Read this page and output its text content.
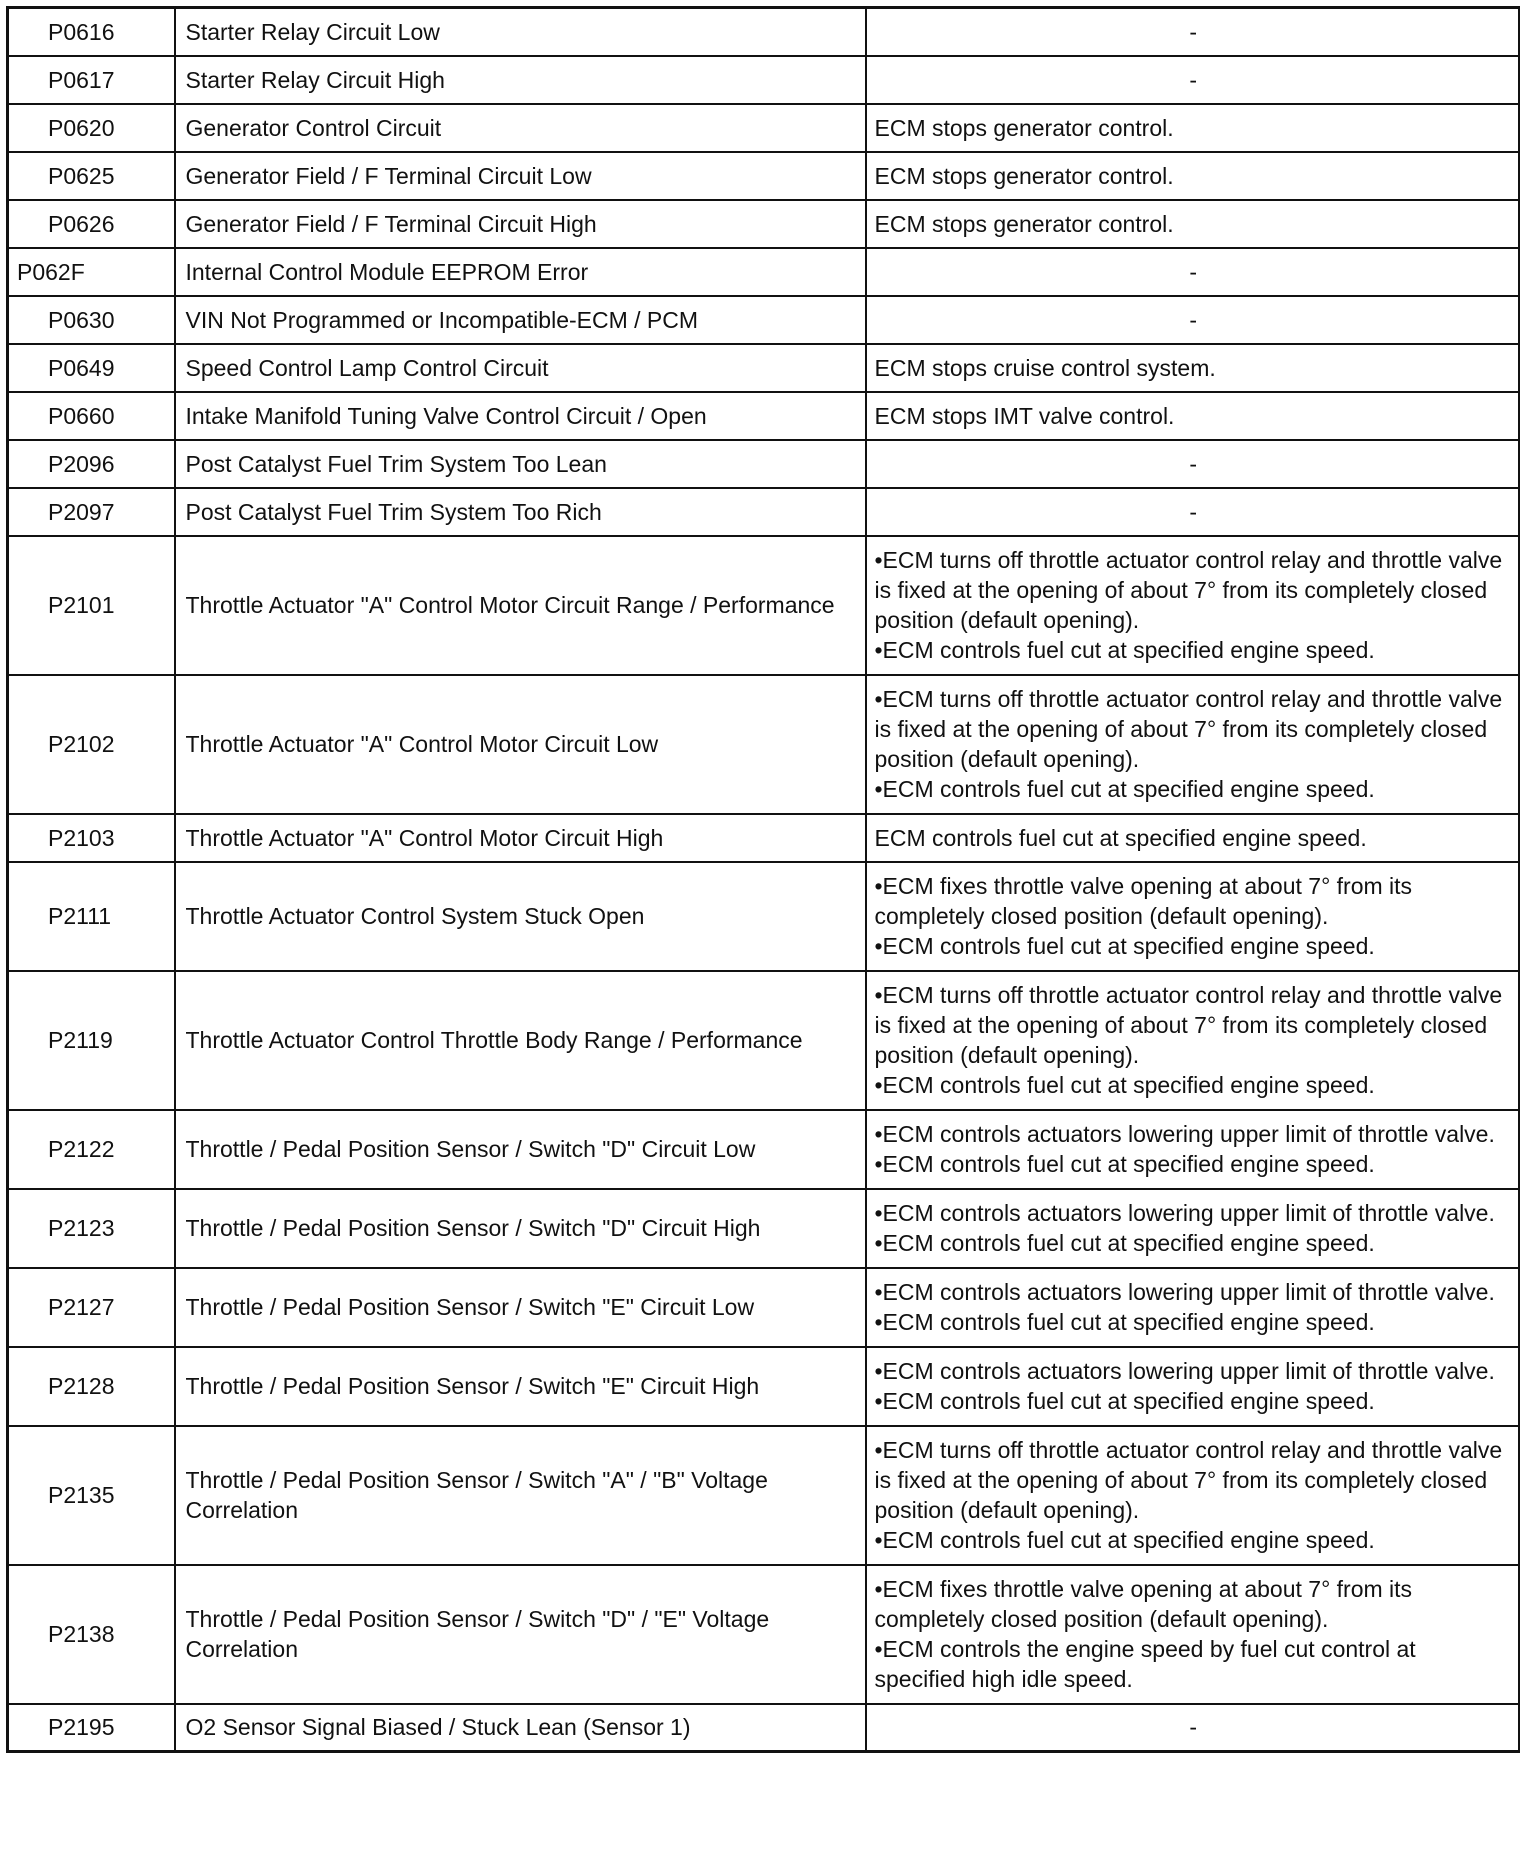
P0616	Starter Relay Circuit Low	-

P0617	Starter Relay Circuit High	-

P0620	Generator Control Circuit	ECM stops generator control.

P0625	Generator Field / F Terminal Circuit Low	ECM stops generator control.

P0626	Generator Field / F Terminal Circuit High	ECM stops generator control.

P062F	Internal Control Module EEPROM Error	-

P0630	VIN Not Programmed or Incompatible-ECM / PCM	-

P0649	Speed Control Lamp Control Circuit	ECM stops cruise control system.

P0660	Intake Manifold Tuning Valve Control Circuit / Open	ECM stops IMT valve control.

P2096	Post Catalyst Fuel Trim System Too Lean	-

P2097	Post Catalyst Fuel Trim System Too Rich	-

P2101	Throttle Actuator "A" Control Motor Circuit Range / Performance	•ECM turns off throttle actuator control relay and throttle valve is fixed at the opening of about 7° from its completely closed position (default opening).
•ECM controls fuel cut at specified engine speed.

P2102	Throttle Actuator "A" Control Motor Circuit Low	•ECM turns off throttle actuator control relay and throttle valve is fixed at the opening of about 7° from its completely closed position (default opening).
•ECM controls fuel cut at specified engine speed.

P2103	Throttle Actuator "A" Control Motor Circuit High	ECM controls fuel cut at specified engine speed.

P2111	Throttle Actuator Control System Stuck Open	•ECM fixes throttle valve opening at about 7° from its completely closed position (default opening).
•ECM controls fuel cut at specified engine speed.

P2119	Throttle Actuator Control Throttle Body Range / Performance	•ECM turns off throttle actuator control relay and throttle valve is fixed at the opening of about 7° from its completely closed position (default opening).
•ECM controls fuel cut at specified engine speed.

P2122	Throttle / Pedal Position Sensor / Switch "D" Circuit Low	•ECM controls actuators lowering upper limit of throttle valve.
•ECM controls fuel cut at specified engine speed.

P2123	Throttle / Pedal Position Sensor / Switch "D" Circuit High	•ECM controls actuators lowering upper limit of throttle valve.
•ECM controls fuel cut at specified engine speed.

P2127	Throttle / Pedal Position Sensor / Switch "E" Circuit Low	•ECM controls actuators lowering upper limit of throttle valve.
•ECM controls fuel cut at specified engine speed.

P2128	Throttle / Pedal Position Sensor / Switch "E" Circuit High	•ECM controls actuators lowering upper limit of throttle valve.
•ECM controls fuel cut at specified engine speed.

P2135	Throttle / Pedal Position Sensor / Switch "A" / "B" Voltage Correlation	•ECM turns off throttle actuator control relay and throttle valve is fixed at the opening of about 7° from its completely closed position (default opening).
•ECM controls fuel cut at specified engine speed.

P2138	Throttle / Pedal Position Sensor / Switch "D" / "E" Voltage Correlation	•ECM fixes throttle valve opening at about 7° from its completely closed position (default opening).
•ECM controls the engine speed by fuel cut control at specified high idle speed.

P2195	O2 Sensor Signal Biased / Stuck Lean (Sensor 1)	-
